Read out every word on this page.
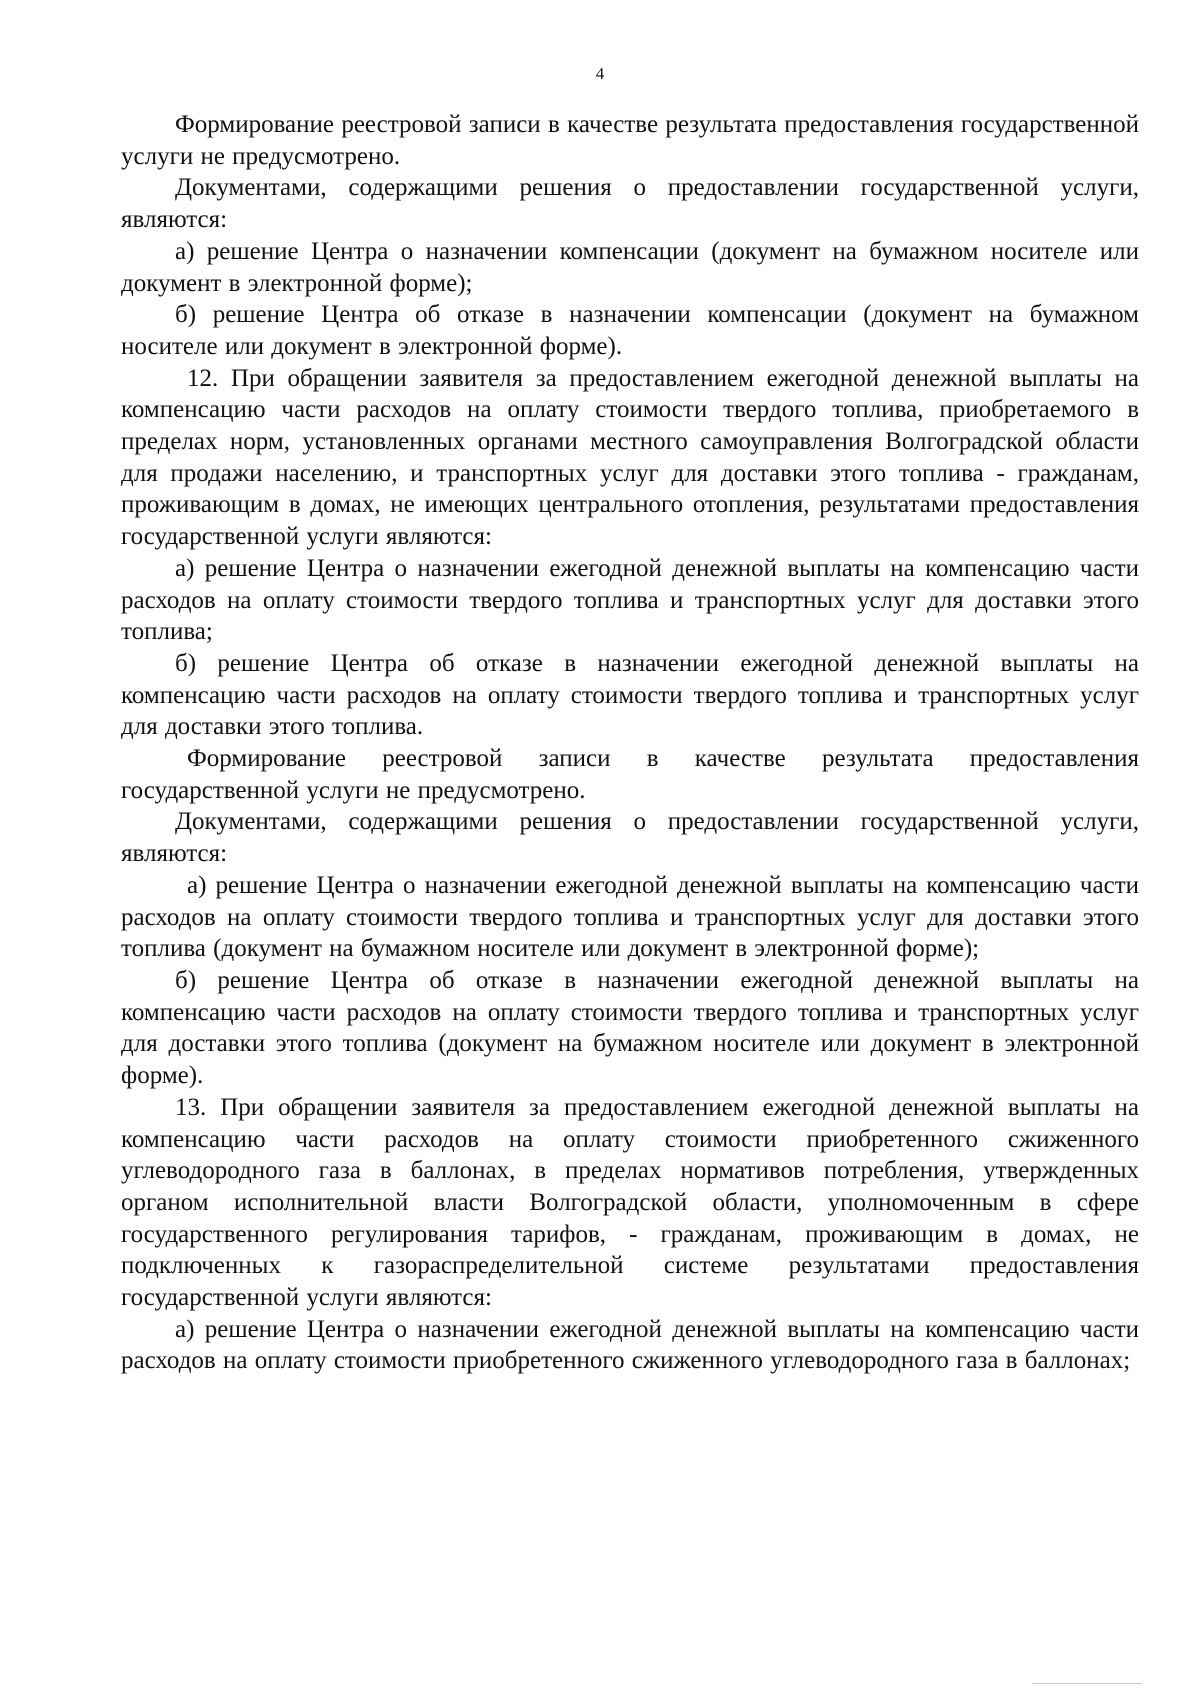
4

Формирование реестровой записи в качестве результата предоставления государственной услуги не предусмотрено.

Документами, содержащими решения о предоставлении государственной услуги, являются:

а) решение Центра о назначении компенсации (документ на бумажном носителе или документ в электронной форме);

б) решение Центра об отказе в назначении компенсации (документ на бумажном носителе или документ в электронной форме).

12. При обращении заявителя за предоставлением ежегодной денежной выплаты на компенсацию части расходов на оплату стоимости твердого топлива, приобретаемого в пределах норм, установленных органами местного самоуправления Волгоградской области для продажи населению, и транспортных услуг для доставки этого топлива - гражданам, проживающим в домах, не имеющих центрального отопления, результатами предоставления государственной услуги являются:

а) решение Центра о назначении ежегодной денежной выплаты на компенсацию части расходов на оплату стоимости твердого топлива и транспортных услуг для доставки этого топлива;

б) решение Центра об отказе в назначении ежегодной денежной выплаты на компенсацию части расходов на оплату стоимости твердого топлива и транспортных услуг для доставки этого топлива.

Формирование реестровой записи в качестве результата предоставления государственной услуги не предусмотрено.

Документами, содержащими решения о предоставлении государственной услуги, являются:

а) решение Центра о назначении ежегодной денежной выплаты на компенсацию части расходов на оплату стоимости твердого топлива и транспортных услуг для доставки этого топлива (документ на бумажном носителе или документ в электронной форме);

б) решение Центра об отказе в назначении ежегодной денежной выплаты на компенсацию части расходов на оплату стоимости твердого топлива и транспортных услуг для доставки этого топлива (документ на бумажном носителе или документ в электронной форме).

13. При обращении заявителя за предоставлением ежегодной денежной выплаты на компенсацию части расходов на оплату стоимости приобретенного сжиженного углеводородного газа в баллонах, в пределах нормативов потребления, утвержденных органом исполнительной власти Волгоградской области, уполномоченным в сфере государственного регулирования тарифов, - гражданам, проживающим в домах, не подключенных к газораспределительной системе результатами предоставления государственной услуги являются:

а) решение Центра о назначении ежегодной денежной выплаты на компенсацию части расходов на оплату стоимости приобретенного сжиженного углеводородного газа в баллонах;
